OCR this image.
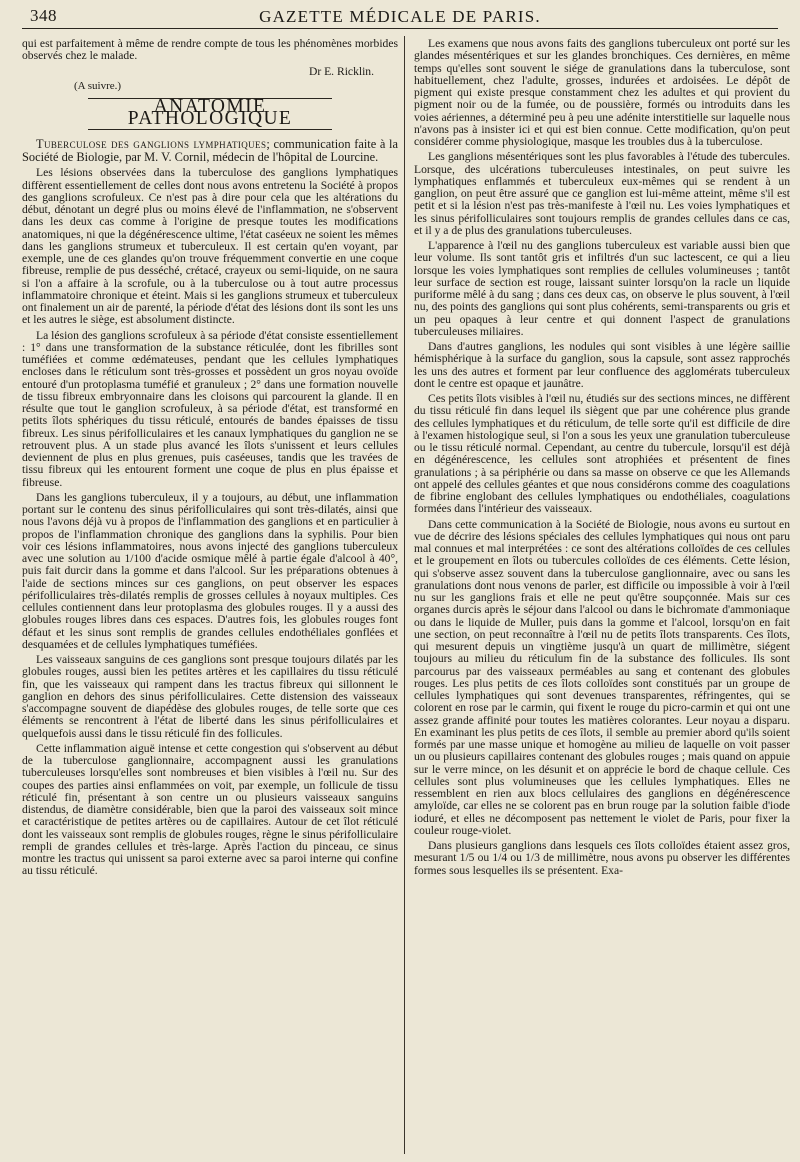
348	GAZETTE MÉDICALE DE PARIS.

qui est parfaitement à même de rendre compte de tous les phénomènes morbides observés chez le malade.

Dr E. Ricklin.
(A suivre.)
ANATOMIE PATHOLOGIQUE

Tuberculose des ganglions lymphatiques; communication faite à la Société de Biologie, par M. V. Cornil, médecin de l'hôpital de Lourcine.

Les lésions observées dans la tuberculose des ganglions lymphatiques diffèrent essentiellement de celles dont nous avons entretenu la Société à propos des ganglions scrofuleux. Ce n'est pas à dire pour cela que les altérations du début, dénotant un degré plus ou moins élevé de l'inflammation, ne s'observent dans les deux cas comme à l'origine de presque toutes les modifications anatomiques, ni que la dégénérescence ultime, l'état caséeux ne soient les mêmes dans les ganglions strumeux et tuberculeux. Il est certain qu'en voyant, par exemple, une de ces glandes qu'on trouve fréquemment convertie en une coque fibreuse, remplie de pus desséché, crétacé, crayeux ou semi-liquide, on ne saura si l'on a affaire à la scrofule, ou à la tuberculose ou à tout autre processus inflammatoire chronique et éteint. Mais si les ganglions strumeux et tuberculeux ont finalement un air de parenté, la période d'état des lésions dont ils sont les uns et les autres le siège, est absolument distincte.

La lésion des ganglions scrofuleux à sa période d'état consiste essentiellement : 1° dans une transformation de la substance réticulée, dont les fibrilles sont tuméfiées et comme œdémateuses, pendant que les cellules lymphatiques encloses dans le réticulum sont très-grosses et possèdent un gros noyau ovoïde entouré d'un protoplasma tuméfié et granuleux ; 2° dans une formation nouvelle de tissu fibreux embryonnaire dans les cloisons qui parcourent la glande. Il en résulte que tout le ganglion scrofuleux, à sa période d'état, est transformé en petits îlots sphériques du tissu réticulé, entourés de bandes épaisses de tissu fibreux. Les sinus périfolliculaires et les canaux lymphatiques du ganglion ne se retrouvent plus. A un stade plus avancé les îlots s'unissent et leurs cellules deviennent de plus en plus grenues, puis caséeuses, tandis que les travées de tissu fibreux qui les entourent forment une coque de plus en plus épaisse et fibreuse.

Dans les ganglions tuberculeux, il y a toujours, au début, une inflammation portant sur le contenu des sinus périfolliculaires qui sont très-dilatés, ainsi que nous l'avons déjà vu à propos de l'inflammation des ganglions et en particulier à propos de l'inflammation chronique des ganglions dans la syphilis. Pour bien voir ces lésions inflammatoires, nous avons injecté des ganglions tuberculeux avec une solution au 1/100 d'acide osmique mêlé à partie égale d'alcool à 40°, puis fait durcir dans la gomme et dans l'alcool. Sur les préparations obtenues à l'aide de sections minces sur ces ganglions, on peut observer les espaces périfolliculaires très-dilatés remplis de grosses cellules à noyaux multiples. Ces cellules contiennent dans leur protoplasma des globules rouges. Il y a aussi des globules rouges libres dans ces espaces. D'autres fois, les globules rouges font défaut et les sinus sont remplis de grandes cellules endothéliales gonflées et desquamées et de cellules lymphatiques tuméfiées.

Les vaisseaux sanguins de ces ganglions sont presque toujours dilatés par les globules rouges, aussi bien les petites artères et les capillaires du tissu réticulé fin, que les vaisseaux qui rampent dans les tractus fibreux qui sillonnent le ganglion en dehors des sinus périfolliculaires. Cette distension des vaisseaux s'accompagne souvent de diapédèse des globules rouges, de telle sorte que ces éléments se rencontrent à l'état de liberté dans les sinus périfolliculaires et quelquefois aussi dans le tissu réticulé fin des follicules.

Cette inflammation aiguë intense et cette congestion qui s'observent au début de la tuberculose ganglionnaire, accompagnent aussi les granulations tuberculeuses lorsqu'elles sont nombreuses et bien visibles à l'œil nu. Sur des coupes des parties ainsi enflammées on voit, par exemple, un follicule de tissu réticulé fin, présentant à son centre un ou plusieurs vaisseaux sanguins distendus, de diamètre considérable, bien que la paroi des vaisseaux soit mince et caractéristique de petites artères ou de capillaires. Autour de cet îlot réticulé dont les vaisseaux sont remplis de globules rouges, règne le sinus périfolliculaire rempli de grandes cellules et très-large. Après l'action du pinceau, ce sinus montre les tractus qui unissent sa paroi externe avec sa paroi interne qui confine au tissu réticulé.

Les examens que nous avons faits des ganglions tuberculeux ont porté sur les glandes mésentériques et sur les glandes bronchiques. Ces dernières, en même temps qu'elles sont souvent le siége de granulations dans la tuberculose, sont habituellement, chez l'adulte, grosses, indurées et ardoisées. Le dépôt de pigment qui existe presque constamment chez les adultes et qui provient du pigment noir ou de la fumée, ou de poussière, formés ou introduits dans les voies aériennes, a déterminé peu à peu une adénite interstitielle sur laquelle nous n'avons pas à insister ici et qui est bien connue. Cette modification, qu'on peut considérer comme physiologique, masque les troubles dus à la tuberculose.

Les ganglions mésentériques sont les plus favorables à l'étude des tubercules. Lorsque, des ulcérations tuberculeuses intestinales, on peut suivre les lymphatiques enflammés et tuberculeux eux-mêmes qui se rendent à un ganglion, on peut être assuré que ce ganglion est lui-même atteint, même s'il est petit et si la lésion n'est pas très-manifeste à l'œil nu. Les voies lymphatiques et les sinus périfolliculaires sont toujours remplis de grandes cellules dans ce cas, et il y a de plus des granulations tuberculeuses.

L'apparence à l'œil nu des ganglions tuberculeux est variable aussi bien que leur volume. Ils sont tantôt gris et infiltrés d'un suc lactescent, ce qui a lieu lorsque les voies lymphatiques sont remplies de cellules volumineuses ; tantôt leur surface de section est rouge, laissant suinter lorsqu'on la racle un liquide puriforme mêlé à du sang ; dans ces deux cas, on observe le plus souvent, à l'œil nu, des points des ganglions qui sont plus cohérents, semi-transparents ou gris et un peu opaques à leur centre et qui donnent l'aspect de granulations tuberculeuses miliaires.

Dans d'autres ganglions, les nodules qui sont visibles à une légère saillie hémisphérique à la surface du ganglion, sous la capsule, sont assez rapprochés les uns des autres et forment par leur confluence des agglomérats tuberculeux dont le centre est opaque et jaunâtre.

Ces petits îlots visibles à l'œil nu, étudiés sur des sections minces, ne diffèrent du tissu réticulé fin dans lequel ils siègent que par une cohérence plus grande des cellules lymphatiques et du réticulum, de telle sorte qu'il est difficile de dire à l'examen histologique seul, si l'on a sous les yeux une granulation tuberculeuse ou le tissu réticulé normal. Cependant, au centre du tubercule, lorsqu'il est déjà en dégénérescence, les cellules sont atrophiées et présentent de fines granulations ; à sa périphérie ou dans sa masse on observe ce que les Allemands ont appelé des cellules géantes et que nous considérons comme des coagulations de fibrine englobant des cellules lymphatiques ou endothéliales, coagulations formées dans l'intérieur des vaisseaux.

Dans cette communication à la Société de Biologie, nous avons eu surtout en vue de décrire des lésions spéciales des cellules lymphatiques qui nous ont paru mal connues et mal interprétées : ce sont des altérations colloïdes de ces cellules et le groupement en îlots ou tubercules colloïdes de ces éléments. Cette lésion, qui s'observe assez souvent dans la tuberculose ganglionnaire, avec ou sans les granulations dont nous venons de parler, est difficile ou impossible à voir à l'œil nu sur les ganglions frais et elle ne peut qu'être soupçonnée. Mais sur ces organes durcis après le séjour dans l'alcool ou dans le bichromate d'ammoniaque ou dans le liquide de Muller, puis dans la gomme et l'alcool, lorsqu'on en fait une section, on peut reconnaître à l'œil nu de petits îlots transparents. Ces îlots, qui mesurent depuis un vingtième jusqu'à un quart de millimètre, siégent toujours au milieu du réticulum fin de la substance des follicules. Ils sont parcourus par des vaisseaux perméables au sang et contenant des globules rouges. Les plus petits de ces îlots colloïdes sont constitués par un groupe de cellules lymphatiques qui sont devenues transparentes, réfringentes, qui se colorent en rose par le carmin, qui fixent le rouge du picro-carmin et qui ont une assez grande affinité pour toutes les matières colorantes. Leur noyau a disparu. En examinant les plus petits de ces îlots, il semble au premier abord qu'ils soient formés par une masse unique et homogène au milieu de laquelle on voit passer un ou plusieurs capillaires contenant des globules rouges ; mais quand on appuie sur le verre mince, on les désunit et on apprécie le bord de chaque cellule. Ces cellules sont plus volumineuses que les cellules lymphatiques. Elles ne ressemblent en rien aux blocs cellulaires des ganglions en dégénérescence amyloïde, car elles ne se colorent pas en brun rouge par la solution faible d'iode ioduré, et elles ne décomposent pas nettement le violet de Paris, pour fixer la couleur rouge-violet.

Dans plusieurs ganglions dans lesquels ces îlots colloïdes étaient assez gros, mesurant 1/5 ou 1/4 ou 1/3 de millimètre, nous avons pu observer les différentes formes sous lesquelles ils se présentent. Exa-
